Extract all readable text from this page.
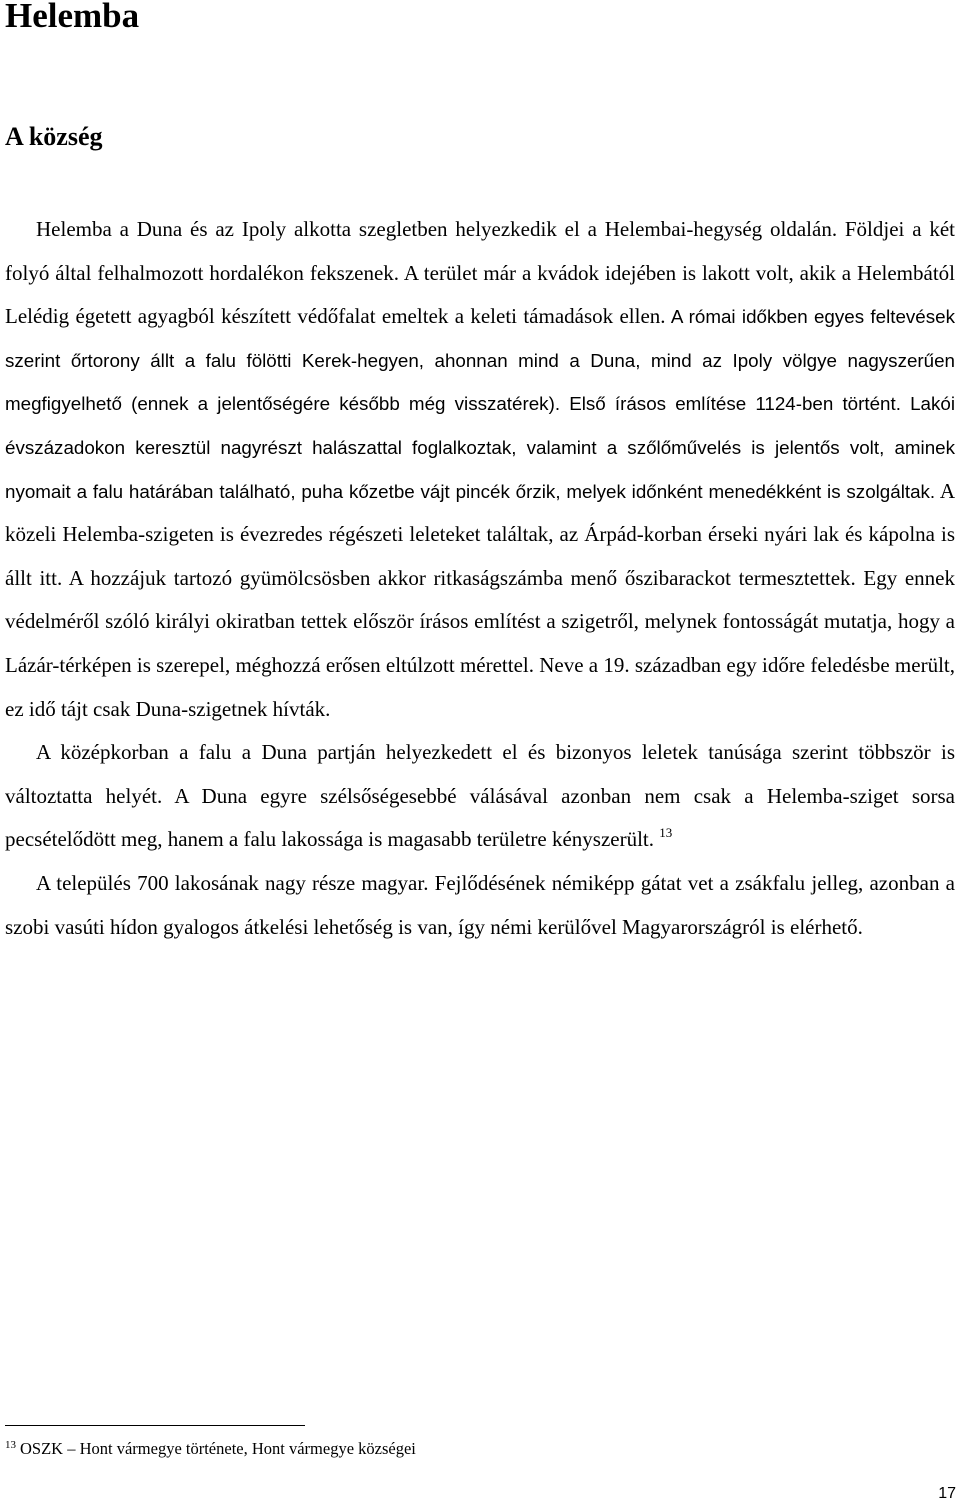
Helemba
A község

Helemba a Duna és az Ipoly alkotta szegletben helyezkedik el a Helembai-hegység oldalán. Földjei a két folyó által felhalmozott hordalékon fekszenek. A terület már a kvádok idejében is lakott volt, akik a Helembától Lelédig égetett agyagból készített védőfalat emeltek a keleti támadások ellen. A római időkben egyes feltevések szerint őrtorony állt a falu fölötti Kerek-hegyen, ahonnan mind a Duna, mind az Ipoly völgye nagyszerűen megfigyelhető (ennek a jelentőségére később még visszatérek). Első írásos említése 1124-ben történt. Lakói évszázadokon keresztül nagyrészt halászattal foglalkoztak, valamint a szőlőművelés is jelentős volt, aminek nyomait a falu határában található, puha kőzetbe vájt pincék őrzik, melyek időnként menedékként is szolgáltak. A közeli Helemba-szigeten is évezredes régészeti leleteket találtak, az Árpád-korban érseki nyári lak és kápolna is állt itt. A hozzájuk tartozó gyümölcsösben akkor ritkaságszámba menő őszibarackot termesztettek. Egy ennek védelméről szóló királyi okiratban tettek először írásos említést a szigetről, melynek fontosságát mutatja, hogy a Lázár-térképen is szerepel, méghozzá erősen eltúlzott mérettel. Neve a 19. században egy időre feledésbe merült, ez idő tájt csak Duna-szigetnek hívták.

A középkorban a falu a Duna partján helyezkedett el és bizonyos leletek tanúsága szerint többször is változtatta helyét. A Duna egyre szélsőségesebbé válásával azonban nem csak a Helemba-sziget sorsa pecsételődött meg, hanem a falu lakossága is magasabb területre kényszerült. $^{13}$

A település 700 lakosának nagy része magyar. Fejlődésének némiképp gátat vet a zsákfalu jelleg, azonban a szobi vasúti hídon gyalogos átkelési lehetőség is van, így némi kerülővel Magyarországról is elérhető.

$^{13}$ OSZK – Hont vármegye története, Hont vármegye községei
17
